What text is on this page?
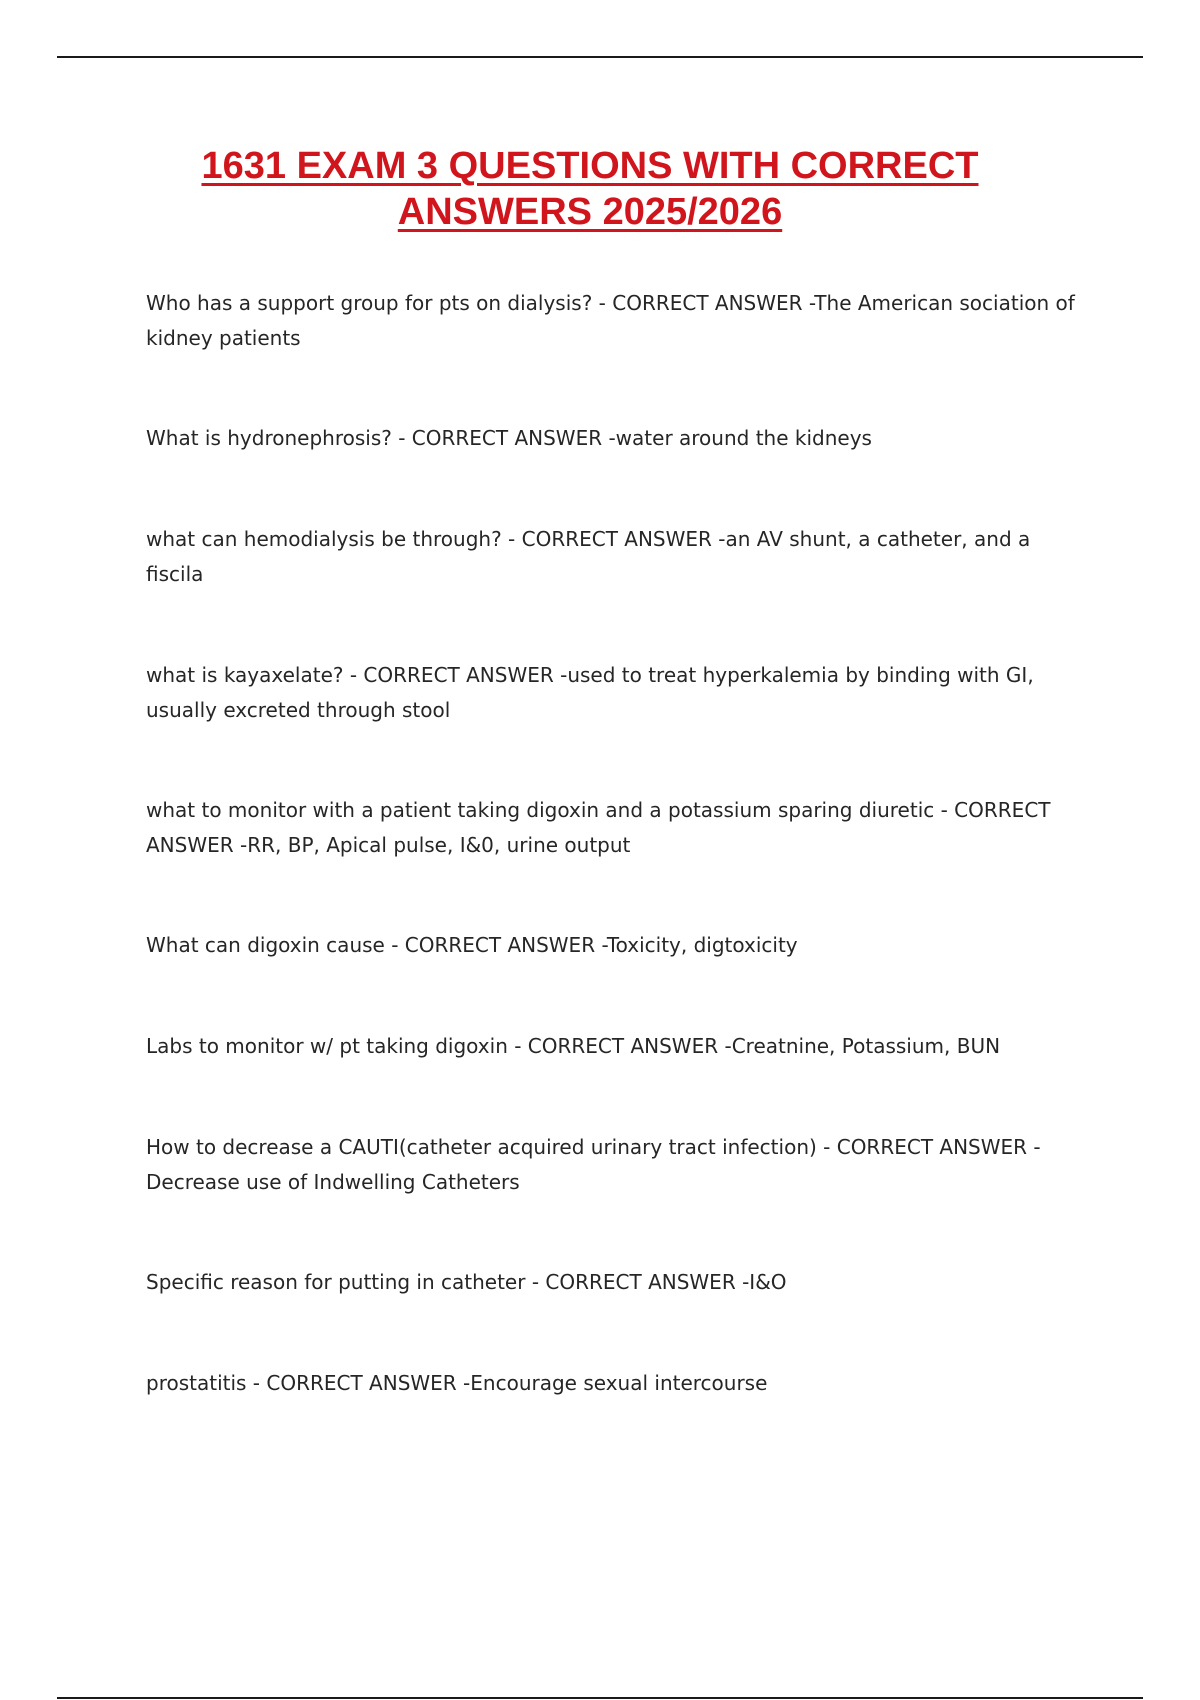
1631 EXAM 3 QUESTIONS WITH CORRECT
ANSWERS 2025/2026
Who has a support group for pts on dialysis? - CORRECT ANSWER -The American sociation of kidney patients
What is hydronephrosis? - CORRECT ANSWER -water around the kidneys
what can hemodialysis be through? - CORRECT ANSWER -an AV shunt, a catheter, and a fiscila
what is kayaxelate? - CORRECT ANSWER -used to treat hyperkalemia by binding with GI, usually excreted through stool
what to monitor with a patient taking digoxin and a potassium sparing diuretic - CORRECT ANSWER -RR, BP, Apical pulse, I&0, urine output
What can digoxin cause - CORRECT ANSWER -Toxicity, digtoxicity
Labs to monitor w/ pt taking digoxin - CORRECT ANSWER -Creatnine, Potassium, BUN
How to decrease a CAUTI(catheter acquired urinary tract infection) - CORRECT ANSWER - Decrease use of Indwelling Catheters
Specific reason for putting in catheter - CORRECT ANSWER -I&O
prostatitis - CORRECT ANSWER -Encourage sexual intercourse
